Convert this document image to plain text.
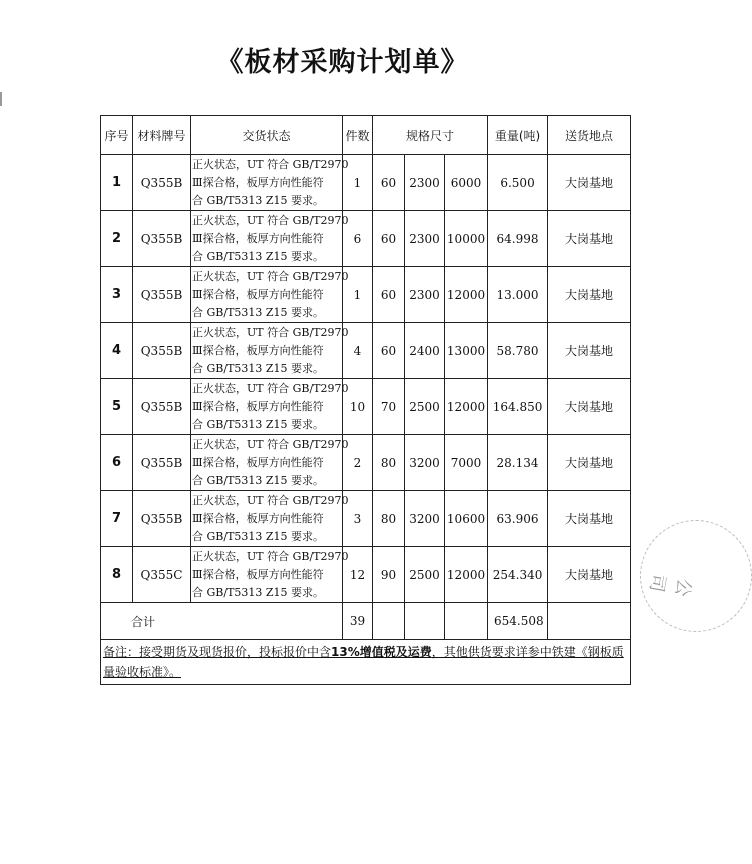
《板材采购计划单》
序号	材料牌号	交货状态	件数	规格尺寸			重量(吨)	送货地点
1	Q355B	正火状态，UT 符合 GB/T2970
Ⅲ探合格，板厚方向性能符
合 GB/T5313 Z15 要求。	1	60	2300	6000	6.500	大岗基地
2	Q355B	正火状态，UT 符合 GB/T2970
Ⅲ探合格，板厚方向性能符
合 GB/T5313 Z15 要求。	6	60	2300	10000	64.998	大岗基地
3	Q355B	正火状态，UT 符合 GB/T2970
Ⅲ探合格，板厚方向性能符
合 GB/T5313 Z15 要求。	1	60	2300	12000	13.000	大岗基地
4	Q355B	正火状态，UT 符合 GB/T2970
Ⅲ探合格，板厚方向性能符
合 GB/T5313 Z15 要求。	4	60	2400	13000	58.780	大岗基地
5	Q355B	正火状态，UT 符合 GB/T2970
Ⅲ探合格，板厚方向性能符
合 GB/T5313 Z15 要求。	10	70	2500	12000	164.850	大岗基地
6	Q355B	正火状态，UT 符合 GB/T2970
Ⅲ探合格，板厚方向性能符
合 GB/T5313 Z15 要求。	2	80	3200	7000	28.134	大岗基地
7	Q355B	正火状态，UT 符合 GB/T2970
Ⅲ探合格，板厚方向性能符
合 GB/T5313 Z15 要求。	3	80	3200	10600	63.906	大岗基地
8	Q355C	正火状态，UT 符合 GB/T2970
Ⅲ探合格，板厚方向性能符
合 GB/T5313 Z15 要求。	12	90	2500	12000	254.340	大岗基地
合计			39				654.508	
备注：接受期货及现货报价，投标报价中含13%增值税及运费，其他供货要求详参中铁建《钢板质量验收标准》。								
公司
